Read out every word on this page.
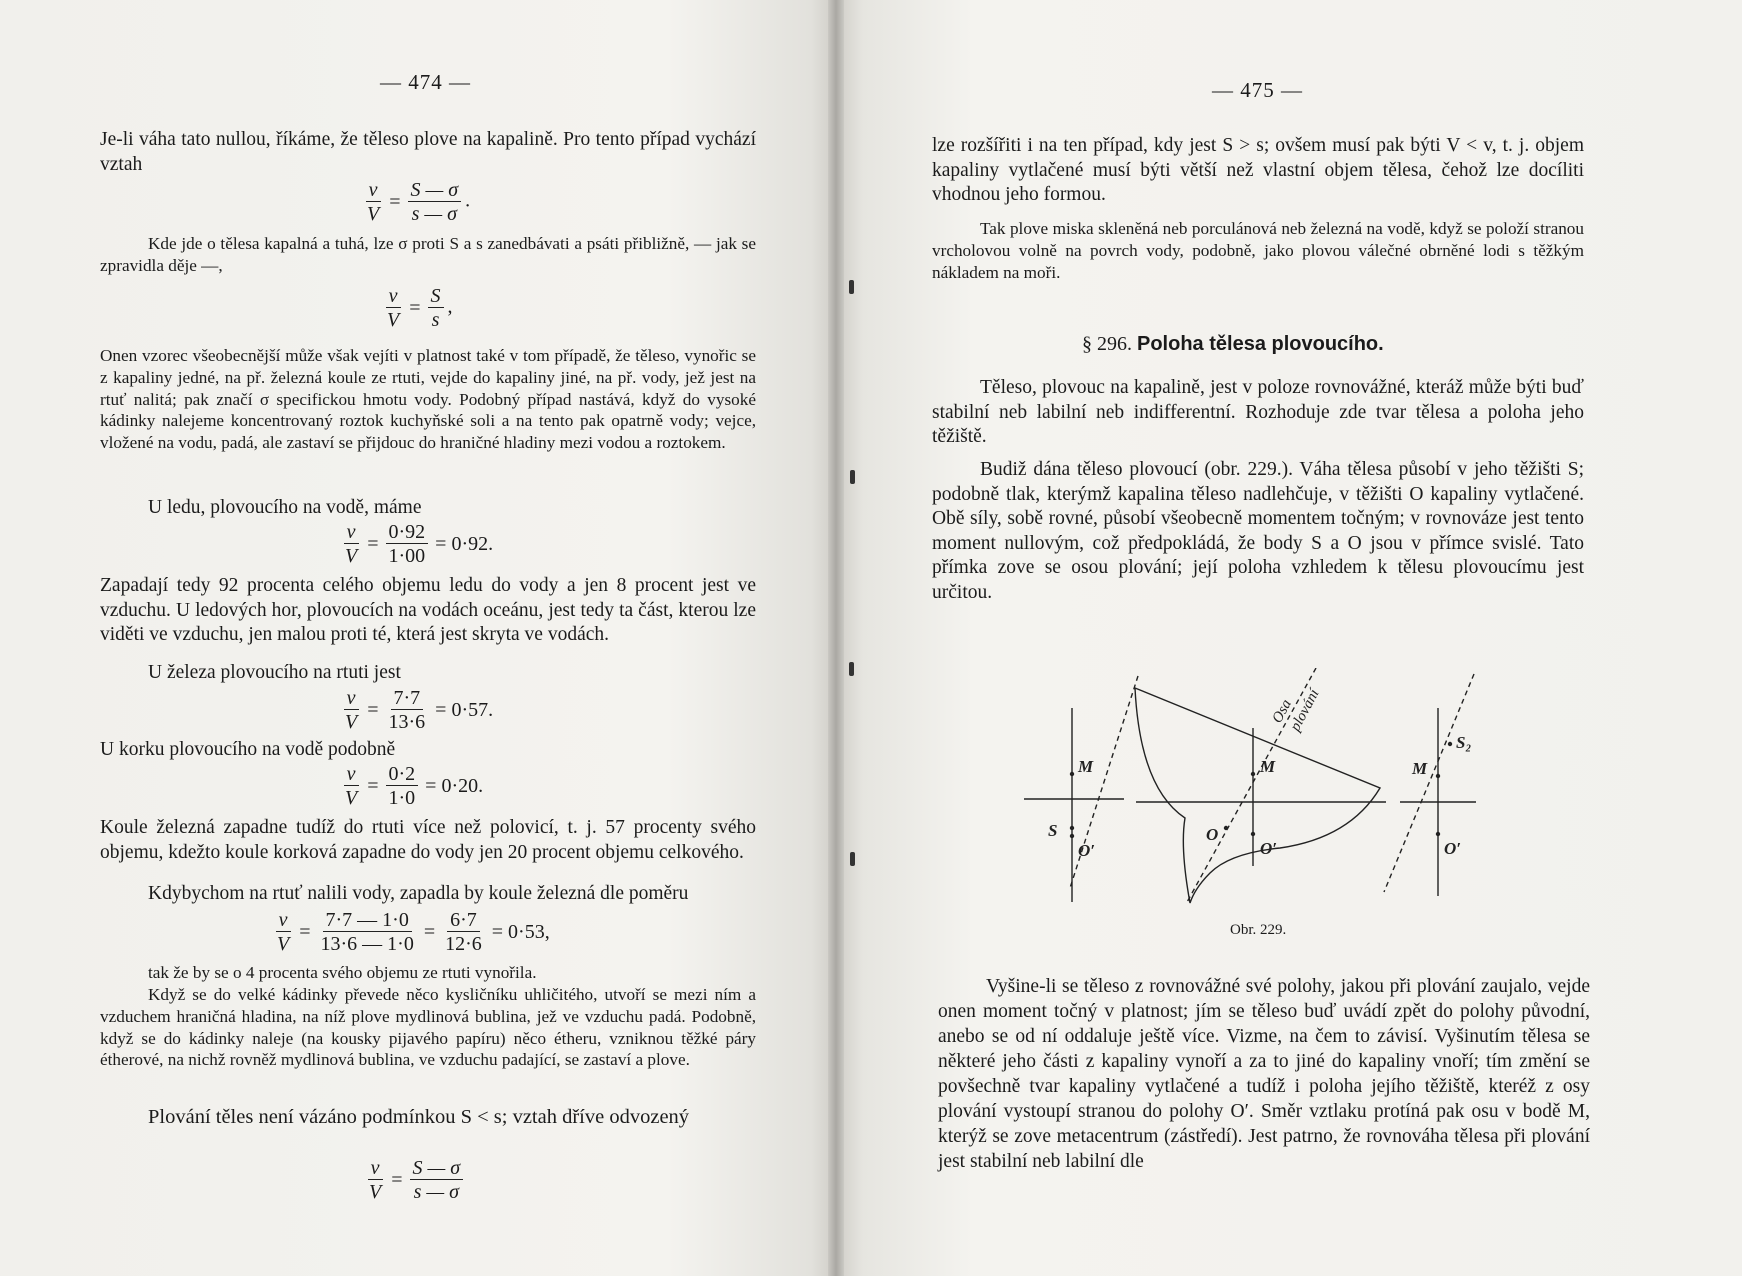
— 474 —

Je-li váha tato nullou, říkáme, že těleso plove na kapalině. Pro tento případ vychází vztah

$\frac{v}{V} = \frac{S — \sigma}{s — \sigma}$ .

Kde jde o tělesa kapalná a tuhá, lze σ proti S a s zanedbávati a psáti přibližně, — jak se zpravidla děje —,

$\frac{v}{V} = \frac{S}{s}$ ,

Onen vzorec všeobecnější může však vejíti v platnost také v tom případě, že těleso, vynořic se z kapaliny jedné, na př. železná koule ze rtuti, vejde do kapaliny jiné, na př. vody, jež jest na rtuť nalitá; pak značí σ specifickou hmotu vody. Podobný případ nastává, když do vysoké kádinky nalejeme koncentrovaný roztok kuchyňské soli a na tento pak opatrně vody; vejce, vložené na vodu, padá, ale zastaví se přijdouc do hraničné hladiny mezi vodou a roztokem.

U ledu, plovoucího na vodě, máme

$\frac{v}{V} = \frac{0\cdot 92}{1\cdot 00} = 0\cdot 92$.

Zapadají tedy 92 procenta celého objemu ledu do vody a jen 8 procent jest ve vzduchu. U ledových hor, plovoucích na vodách oceánu, jest tedy ta část, kterou lze viděti ve vzduchu, jen malou proti té, která jest skryta ve vodách.

U železa plovoucího na rtuti jest

$\frac{v}{V} = \frac{7\cdot 7}{13\cdot 6} = 0\cdot 57$.

U korku plovoucího na vodě podobně

$\frac{v}{V} = \frac{0\cdot 2}{1\cdot 0} = 0\cdot 20$.

Koule železná zapadne tudíž do rtuti více než polovicí, t. j. 57 procenty svého objemu, kdežto koule korková zapadne do vody jen 20 procent objemu celkového.

Kdybychom na rtuť nalili vody, zapadla by koule železná dle poměru

$\frac{v}{V} = \frac{7\cdot 7 — 1\cdot 0}{13\cdot 6 — 1\cdot 0} = \frac{6\cdot 7}{12\cdot 6} = 0\cdot 53$,

tak že by se o 4 procenta svého objemu ze rtuti vynořila.

Když se do velké kádinky převede něco kysličníku uhličitého, utvoří se mezi ním a vzduchem hraničná hladina, na níž plove mydlinová bublina, jež ve vzduchu padá. Podobně, když se do kádinky naleje (na kousky pijavého papíru) něco étheru, vzniknou těžké páry étherové, na nichž rovněž mydlinová bublina, ve vzduchu padající, se zastaví a plove.

Plování těles není vázáno podmínkou S < s; vztah dříve odvozený

$\frac{v}{V} = \frac{S — \sigma}{s — \sigma}$
— 475 —

lze rozšířiti i na ten případ, kdy jest S > s; ovšem musí pak býti V < v, t. j. objem kapaliny vytlačené musí býti větší než vlastní objem tělesa, čehož lze docíliti vhodnou jeho formou.

Tak plove miska skleněná neb porculánová neb železná na vodě, když se položí stranou vrcholovou volně na povrch vody, podobně, jako plovou válečné obrněné lodi s těžkým nákladem na moři.

§ 296. Poloha tělesa plovoucího.

Těleso, plovouc na kapalině, jest v poloze rovnovážné, kteráž může býti buď stabilní neb labilní neb indifferentní. Rozhoduje zde tvar tělesa a poloha jeho těžiště.

Budiž dána těleso plovoucí (obr. 229.). Váha tělesa působí v jeho těžišti S; podobně tlak, kterýmž kapalina těleso nadlehčuje, v těžišti O kapaliny vytlačené. Obě síly, sobě rovné, působí všeobecně momentem točným; v rovnováze jest tento moment nullovým, což předpokládá, že body S a O jsou v přímce svislé. Tato přímka zove se osou plování; její poloha vzhledem k tělesu plovoucímu jest určitou.

M
S
O′
M
O
O′
M
S₂
O′
Osa
plování
Obr. 229.

Vyšine-li se těleso z rovnovážné své polohy, jakou při plování zaujalo, vejde onen moment točný v platnost; jím se těleso buď uvádí zpět do polohy původní, anebo se od ní oddaluje ještě více. Vizme, na čem to závisí. Vyšinutím tělesa se některé jeho části z kapaliny vynoří a za to jiné do kapaliny vnoří; tím změní se povšechně tvar kapaliny vytlačené a tudíž i poloha jejího těžiště, kteréž z osy plování vystoupí stranou do polohy O′. Směr vztlaku protíná pak osu v bodě M, kterýž se zove metacentrum (zástředí). Jest patrno, že rovnováha tělesa při plování jest stabilní neb labilní dle
